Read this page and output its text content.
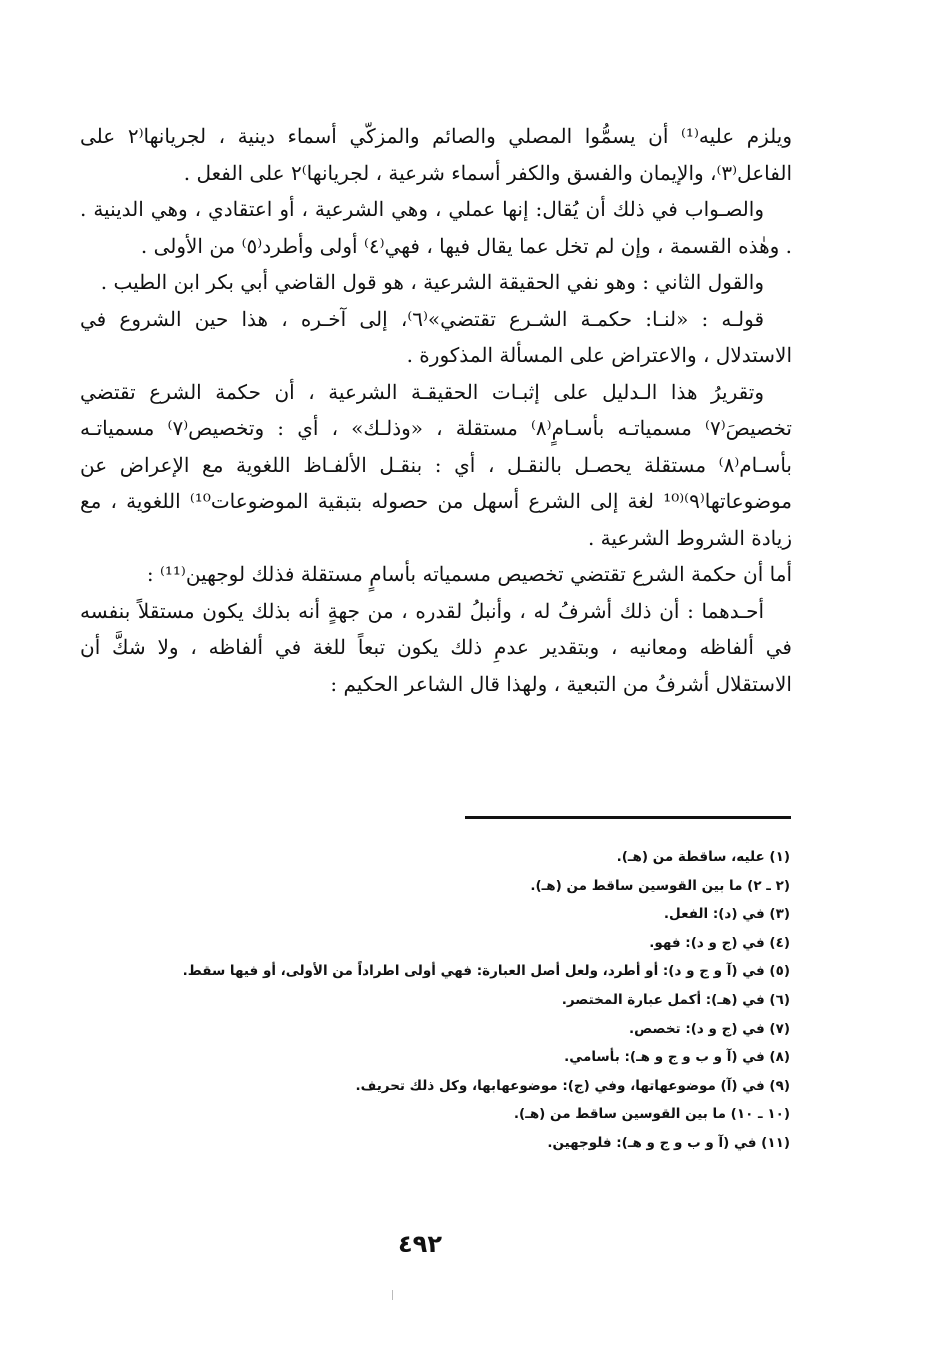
ويلزم عليه⁽¹⁾ أن يسمُّوا المصلي والصائم والمزكّي أسماء دينية ، لجريانها⁽٢ على الفاعل⁽٣⁾، والإيمان والفسق والكفر أسماء شرعية ، لجريانها⁾٢ على الفعل .

والصـواب في ذلك أن يُقال: إنها عملي ، وهي الشرعية ، أو اعتقادي ، وهي الدينية . . وهٰذه القسمة ، وإن لم تخل عما يقال فيها ، فهي⁽٤⁾ أولى وأطرد⁽٥⁾ من الأولى .

والقول الثاني : وهو نفي الحقيقة الشرعية ، هو قول القاضي أبي بكر ابن الطيب .

قولـه : «لنـا: حكمـة الشـرع تقتضي»⁽٦⁾، إلى آخـره ، هذا حين الشروع في الاستدلال ، والاعتراض على المسألة المذكورة .

وتقريرُ هذا الـدليل على إثبـات الحقيقـة الشرعية ، أن حكمة الشرع تقتضي تخصيصَ⁽٧⁾ مسمياتـه بأسـامٍ⁽٨⁾ مستقلة ، «وذلـك» ، أي : وتخصيص⁽٧⁾ مسمياتـه بأسـام⁽٨⁾ مستقلة يحصـل بالنقـل ، أي : بنقـل الألفـاظ اللغوية مع الإعراض عن موضوعاتها⁽٩⁾⁽¹⁰ لغة إلى الشرع أسهل من حصوله بتبقية الموضوعات¹⁰⁾ اللغوية ، مع زيادة الشروط الشرعية .

أما أن حكمة الشرع تقتضي تخصيص مسمياته بأسامٍ مستقلة فذلك لوجهين⁽¹¹⁾ :

أحـدهما : أن ذلك أشرفُ له ، وأنبلُ لقدره ، من جهةٍ أنه بذلك يكون مستقلاً بنفسه في ألفاظه ومعانيه ، وبتقدير عدمِ ذلك يكون تبعاً للغة في ألفاظه ، ولا شكَّ أن الاستقلال أشرفُ من التبعية ، ولهذا قال الشاعر الحكيم :

(١) عليه، ساقطة من (هـ).
(٢ ـ ٢) ما بين القوسين ساقط من (هـ).
(٣) في (د): الفعل.
(٤) في (ج و د): فهو.
(٥) في (آ و ج و د): أو أطرد، ولعل أصل العبارة: فهي أولى اطراداً من الأولى، أو فيها سقط.
(٦) في (هـ): أكمل عبارة المختصر.
(٧) في (ج و د): تخصص.
(٨) في (آ و ب و ج و هـ): بأسامي.
(٩) في (آ) موضوعهاتها، وفي (ج): موضوعهابها، وكل ذلك تحريف.
(١٠ ـ ١٠) ما بين القوسين ساقط من (هـ).
(١١) في (آ و ب و ج و هـ): فلوجهين.
٤٩٢
